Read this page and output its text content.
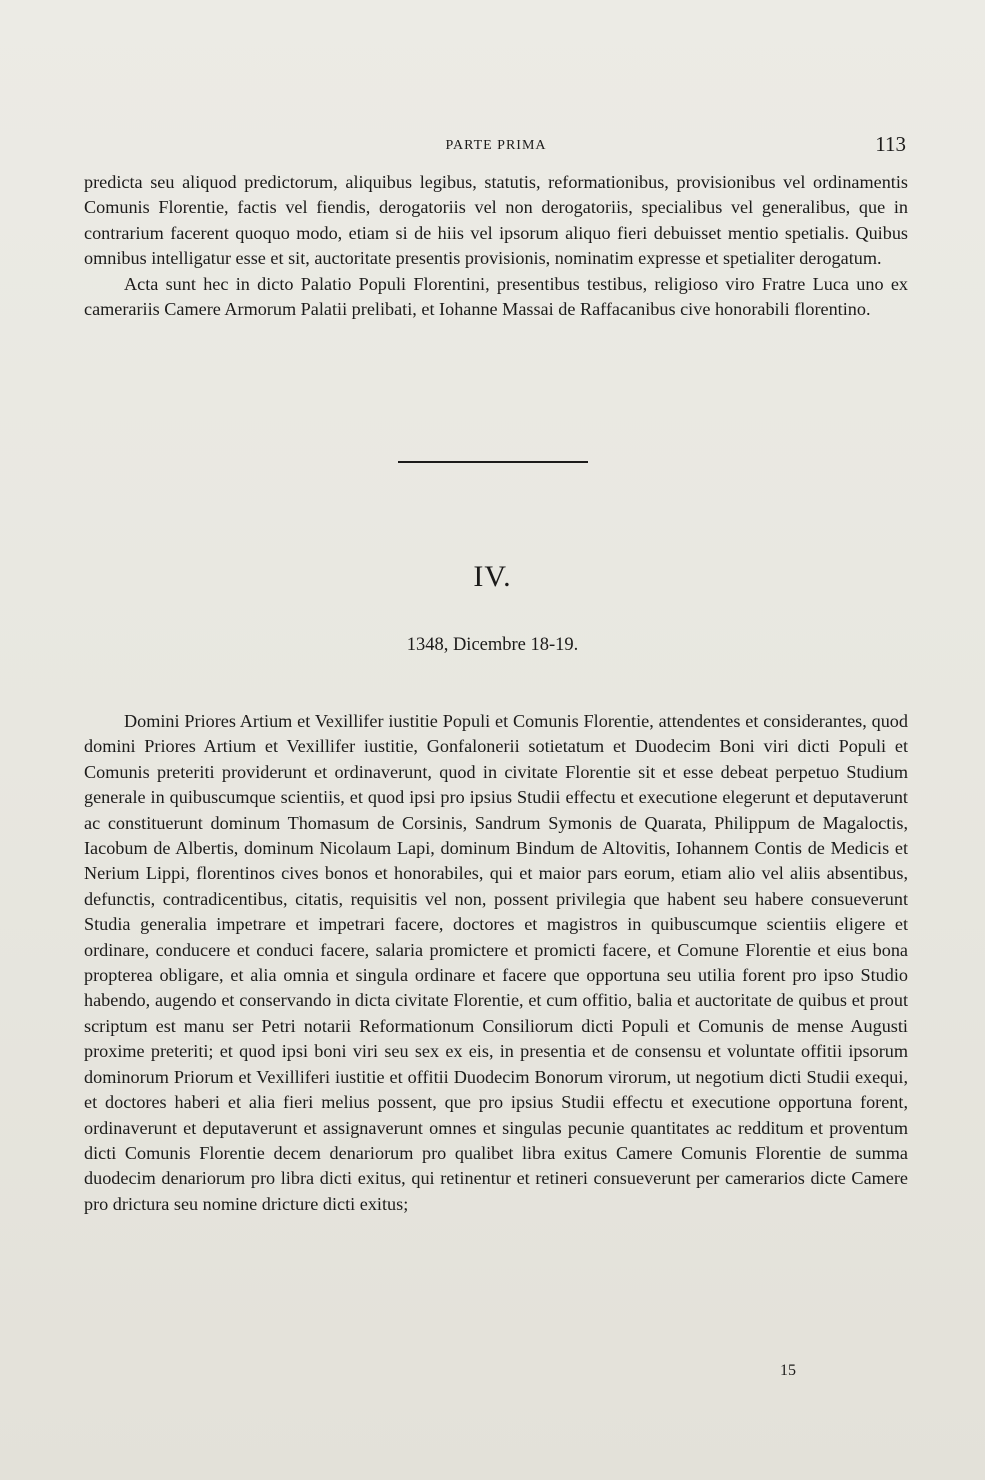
PARTE PRIMA	113

predicta seu aliquod predictorum, aliquibus legibus, statutis, reformationibus, provisionibus vel ordinamentis Comunis Florentie, factis vel fiendis, derogatoriis vel non derogatoriis, specialibus vel generalibus, que in contrarium facerent quoquo modo, etiam si de hiis vel ipsorum aliquo fieri debuisset mentio spetialis. Quibus omnibus intelligatur esse et sit, auctoritate presentis provisionis, nominatim expresse et spetialiter derogatum.

Acta sunt hec in dicto Palatio Populi Florentini, presentibus testibus, religioso viro Fratre Luca uno ex camerariis Camere Armorum Palatii prelibati, et Iohanne Massai de Raffacanibus cive honorabili florentino.

IV.
1348, Dicembre 18-19.

Domini Priores Artium et Vexillifer iustitie Populi et Comunis Florentie, attendentes et considerantes, quod domini Priores Artium et Vexillifer iustitie, Gonfalonerii sotietatum et Duodecim Boni viri dicti Populi et Comunis preteriti providerunt et ordinaverunt, quod in civitate Florentie sit et esse debeat perpetuo Studium generale in quibuscumque scientiis, et quod ipsi pro ipsius Studii effectu et executione elegerunt et deputaverunt ac constituerunt dominum Thomasum de Corsinis, Sandrum Symonis de Quarata, Philippum de Magaloctis, Iacobum de Albertis, dominum Nicolaum Lapi, dominum Bindum de Altovitis, Iohannem Contis de Medicis et Nerium Lippi, florentinos cives bonos et honorabiles, qui et maior pars eorum, etiam alio vel aliis absentibus, defunctis, contradicentibus, citatis, requisitis vel non, possent privilegia que habent seu habere consueverunt Studia generalia impetrare et impetrari facere, doctores et magistros in quibuscumque scientiis eligere et ordinare, conducere et conduci facere, salaria promictere et promicti facere, et Comune Florentie et eius bona propterea obligare, et alia omnia et singula ordinare et facere que opportuna seu utilia forent pro ipso Studio habendo, augendo et conservando in dicta civitate Florentie, et cum offitio, balia et auctoritate de quibus et prout scriptum est manu ser Petri notarii Reformationum Consiliorum dicti Populi et Comunis de mense Augusti proxime preteriti; et quod ipsi boni viri seu sex ex eis, in presentia et de consensu et voluntate offitii ipsorum dominorum Priorum et Vexilliferi iustitie et offitii Duodecim Bonorum virorum, ut negotium dicti Studii exequi, et doctores haberi et alia fieri melius possent, que pro ipsius Studii effectu et executione opportuna forent, ordinaverunt et deputaverunt et assignaverunt omnes et singulas pecunie quantitates ac redditum et proventum dicti Comunis Florentie decem denariorum pro qualibet libra exitus Camere Comunis Florentie de summa duodecim denariorum pro libra dicti exitus, qui retinentur et retineri consueverunt per camerarios dicte Camere pro drictura seu nomine dricture dicti exitus;

15
